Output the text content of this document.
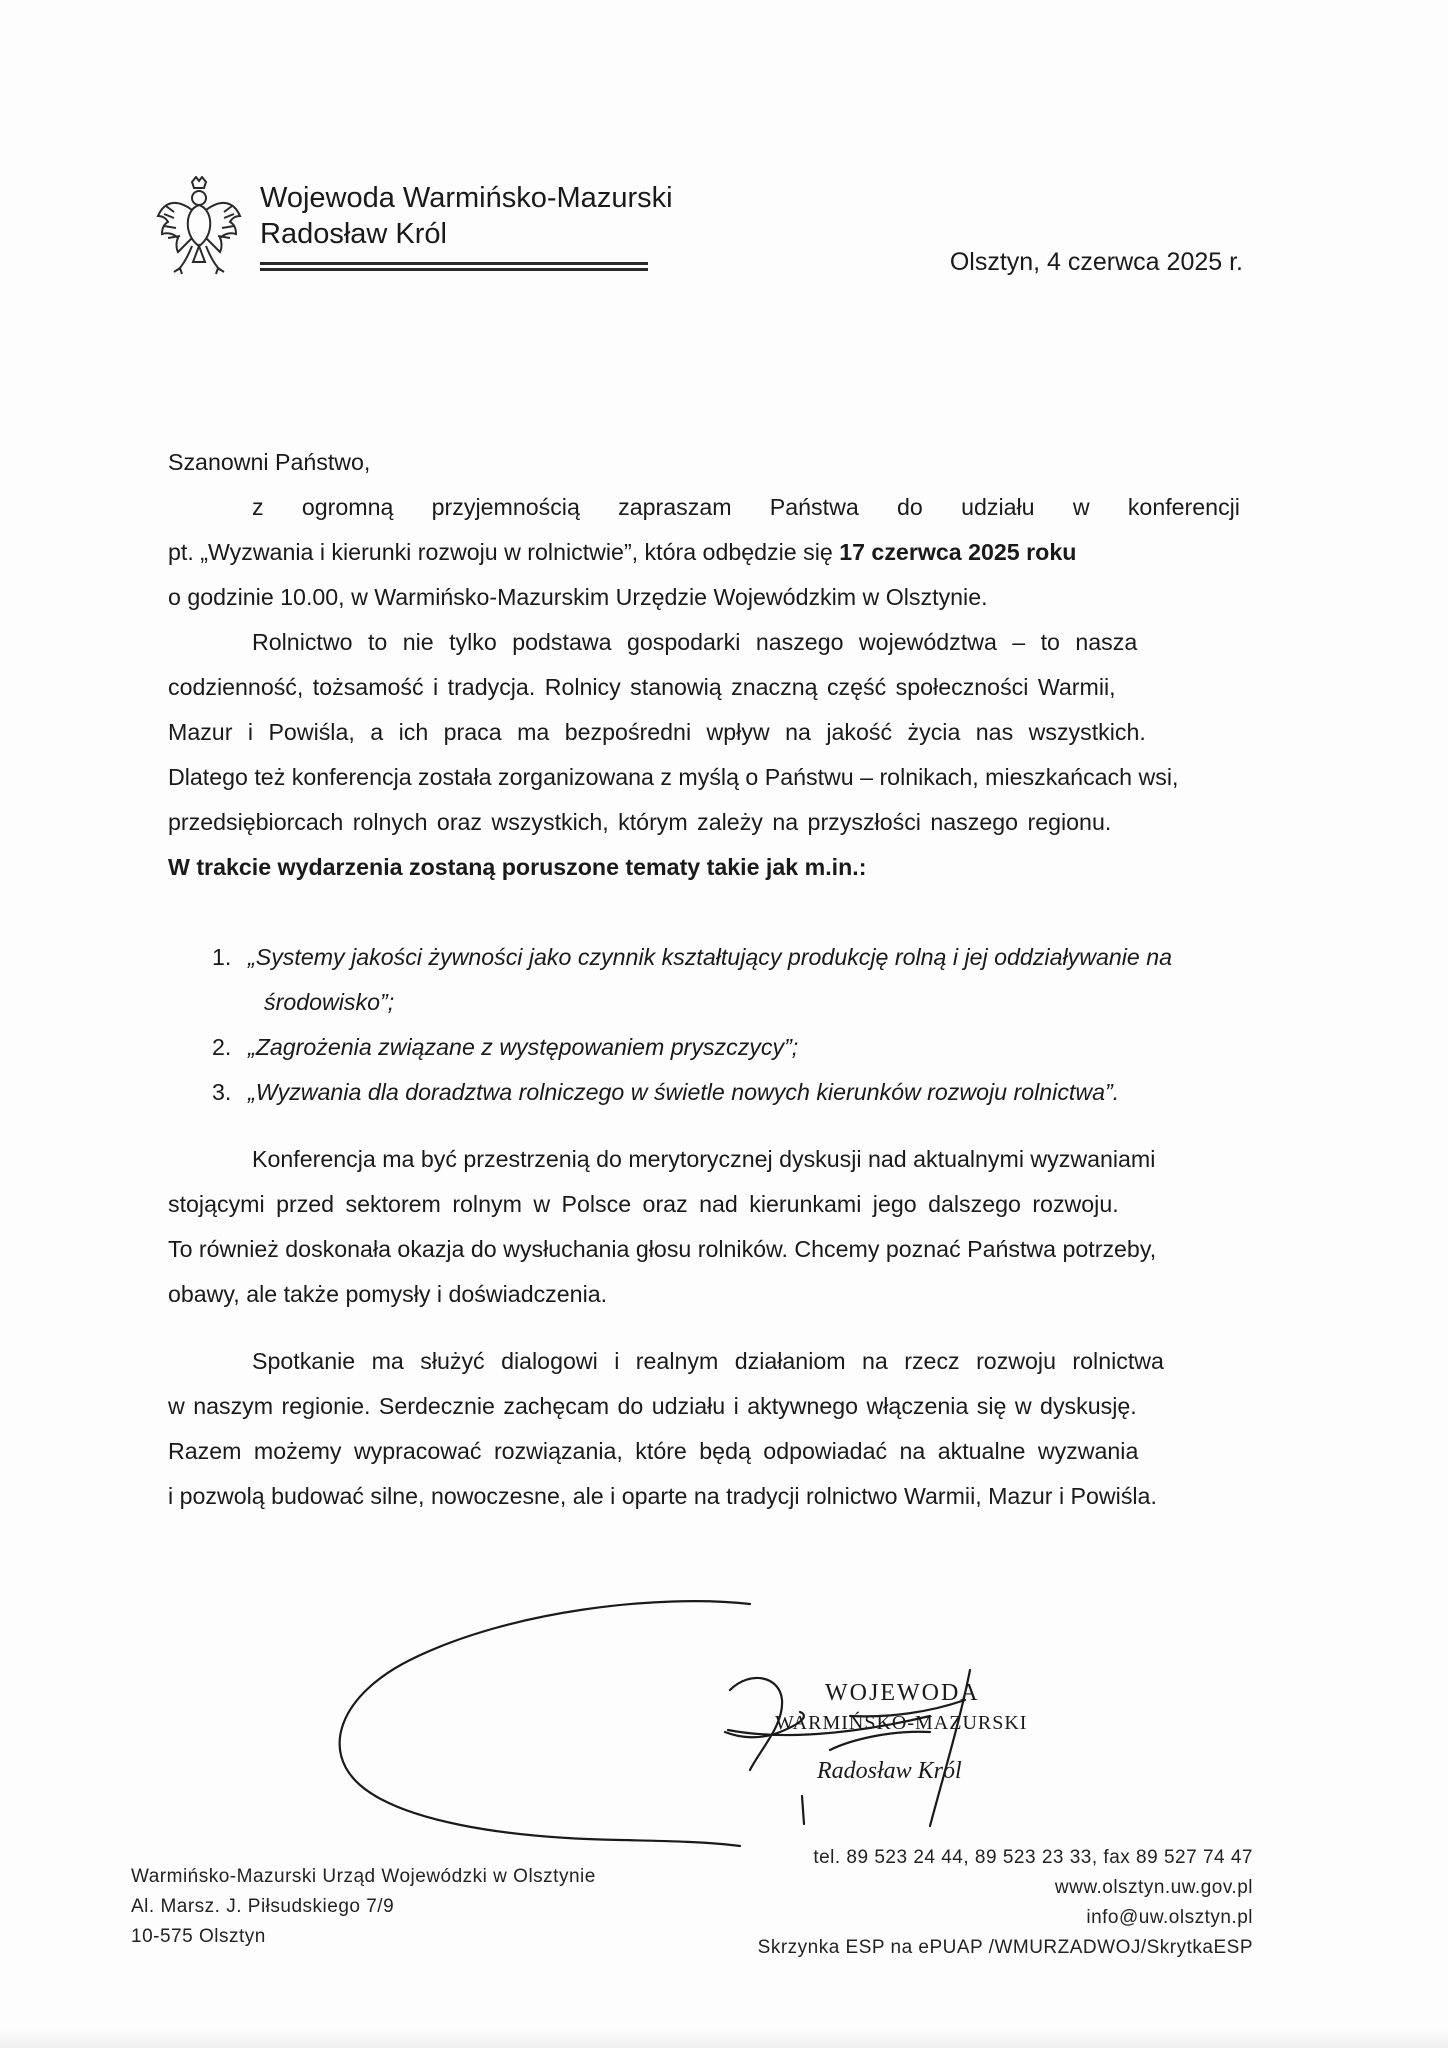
Wojewoda Warmińsko-Mazurski
Radosław Król
Olsztyn, 4 czerwca 2025 r.
Szanowni Państwo,
z ogromną przyjemnością zapraszam Państwa do udziału w konferencji
pt. „Wyzwania i kierunki rozwoju w rolnictwie”, która odbędzie się 17 czerwca 2025 roku
o godzinie 10.00, w Warmińsko-Mazurskim Urzędzie Wojewódzkim w Olsztynie.
Rolnictwo to nie tylko podstawa gospodarki naszego województwa – to nasza
codzienność, tożsamość i tradycja. Rolnicy stanowią znaczną część społeczności Warmii,
Mazur i Powiśla, a ich praca ma bezpośredni wpływ na jakość życia nas wszystkich.
Dlatego też konferencja została zorganizowana z myślą o Państwu – rolnikach, mieszkańcach wsi,
przedsiębiorcach rolnych oraz wszystkich, którym zależy na przyszłości naszego regionu.
W trakcie wydarzenia zostaną poruszone tematy takie jak m.in.:
1. „Systemy jakości żywności jako czynnik kształtujący produkcję rolną i jej oddziaływanie na
środowisko”;
2. „Zagrożenia związane z występowaniem pryszczycy”;
3. „Wyzwania dla doradztwa rolniczego w świetle nowych kierunków rozwoju rolnictwa”.
Konferencja ma być przestrzenią do merytorycznej dyskusji nad aktualnymi wyzwaniami
stojącymi przed sektorem rolnym w Polsce oraz nad kierunkami jego dalszego rozwoju.
To również doskonała okazja do wysłuchania głosu rolników. Chcemy poznać Państwa potrzeby,
obawy, ale także pomysły i doświadczenia.
Spotkanie ma służyć dialogowi i realnym działaniom na rzecz rozwoju rolnictwa
w naszym regionie. Serdecznie zachęcam do udziału i aktywnego włączenia się w dyskusję.
Razem możemy wypracować rozwiązania, które będą odpowiadać na aktualne wyzwania
i pozwolą budować silne, nowoczesne, ale i oparte na tradycji rolnictwo Warmii, Mazur i Powiśla.
WOJEWODA
WARMIŃSKO-MAZURSKI
Radosław Król
Warmińsko-Mazurski Urząd Wojewódzki w Olsztynie
Al. Marsz. J. Piłsudskiego 7/9
10-575 Olsztyn
tel. 89 523 24 44, 89 523 23 33, fax 89 527 74 47
www.olsztyn.uw.gov.pl
info@uw.olsztyn.pl
Skrzynka ESP na ePUAP /WMURZADWOJ/SkrytkaESP
